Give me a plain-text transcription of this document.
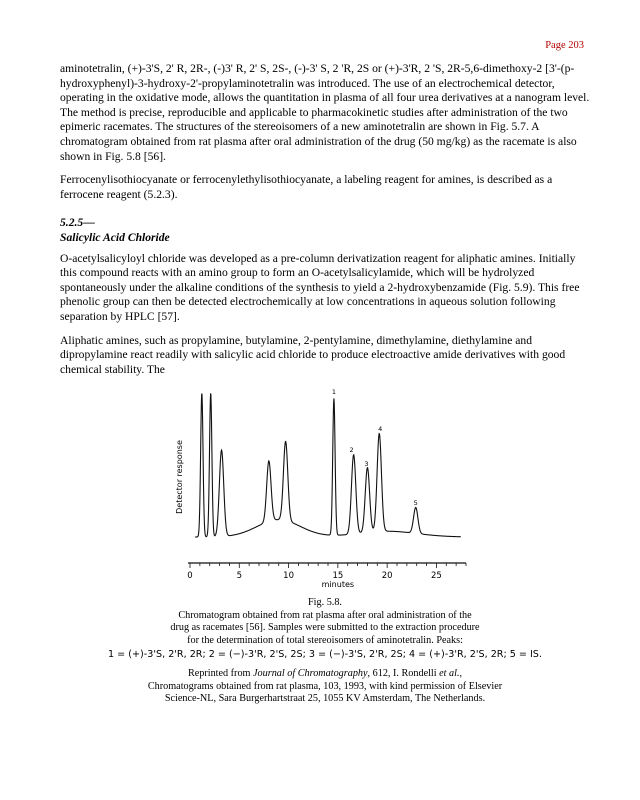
Page 203

aminotetralin, (+)-3'S, 2' R, 2R-, (-)3' R, 2' S, 2S-, (-)-3' S, 2 'R, 2S or (+)-3'R, 2 'S, 2R-5,6-dimethoxy-2 [3'-(p-hydroxyphenyl)-3-hydroxy-2'-propylaminotetralin was introduced. The use of an electrochemical detector, operating in the oxidative mode, allows the quantitation in plasma of all four urea derivatives at a nanogram level. The method is precise, reproducible and applicable to pharmacokinetic studies after administration of the two epimeric racemates. The structures of the stereoisomers of a new aminotetralin are shown in Fig. 5.7. A chromatogram obtained from rat plasma after oral administration of the drug (50 mg/kg) as the racemate is also shown in Fig. 5.8 [56].

Ferrocenylisothiocyanate or ferrocenylethylisothiocyanate, a labeling reagent for amines, is described as a ferrocene reagent (5.2.3).

5.2.5—
Salicylic Acid Chloride

O-acetylsalicyloyl chloride was developed as a pre-column derivatization reagent for aliphatic amines. Initially this compound reacts with an amino group to form an O-acetylsalicylamide, which will be hydrolyzed spontaneously under the alkaline conditions of the synthesis to yield a 2-hydroxybenzamide (Fig. 5.9). This free phenolic group can then be detected electrochemically at low concentrations in aqueous solution following separation by HPLC [57].

Aliphatic amines, such as propylamine, butylamine, 2-pentylamine, dimethylamine, diethylamine and dipropylamine react readily with salicylic acid chloride to produce electroactive amide derivatives with good chemical stability. The

0	5	10	15	20	25
minutes
Detector response
1
2
3
4
5
Fig. 5.8.
Chromatogram obtained from rat plasma after oral administration of the
drug as racemates [56]. Samples were submitted to the extraction procedure
for the determination of total stereoisomers of aminotetralin. Peaks:
1 = (+)-3'S, 2'R, 2R; 2 = (−)-3'R, 2'S, 2S; 3 = (−)-3'S, 2'R, 2S; 4 = (+)-3'R, 2'S, 2R; 5 = IS.
Reprinted from Journal of Chromatography, 612, I. Rondelli et al.,
Chromatograms obtained from rat plasma, 103, 1993, with kind permission of Elsevier
Science-NL, Sara Burgerhartstraat 25, 1055 KV Amsterdam, The Netherlands.
